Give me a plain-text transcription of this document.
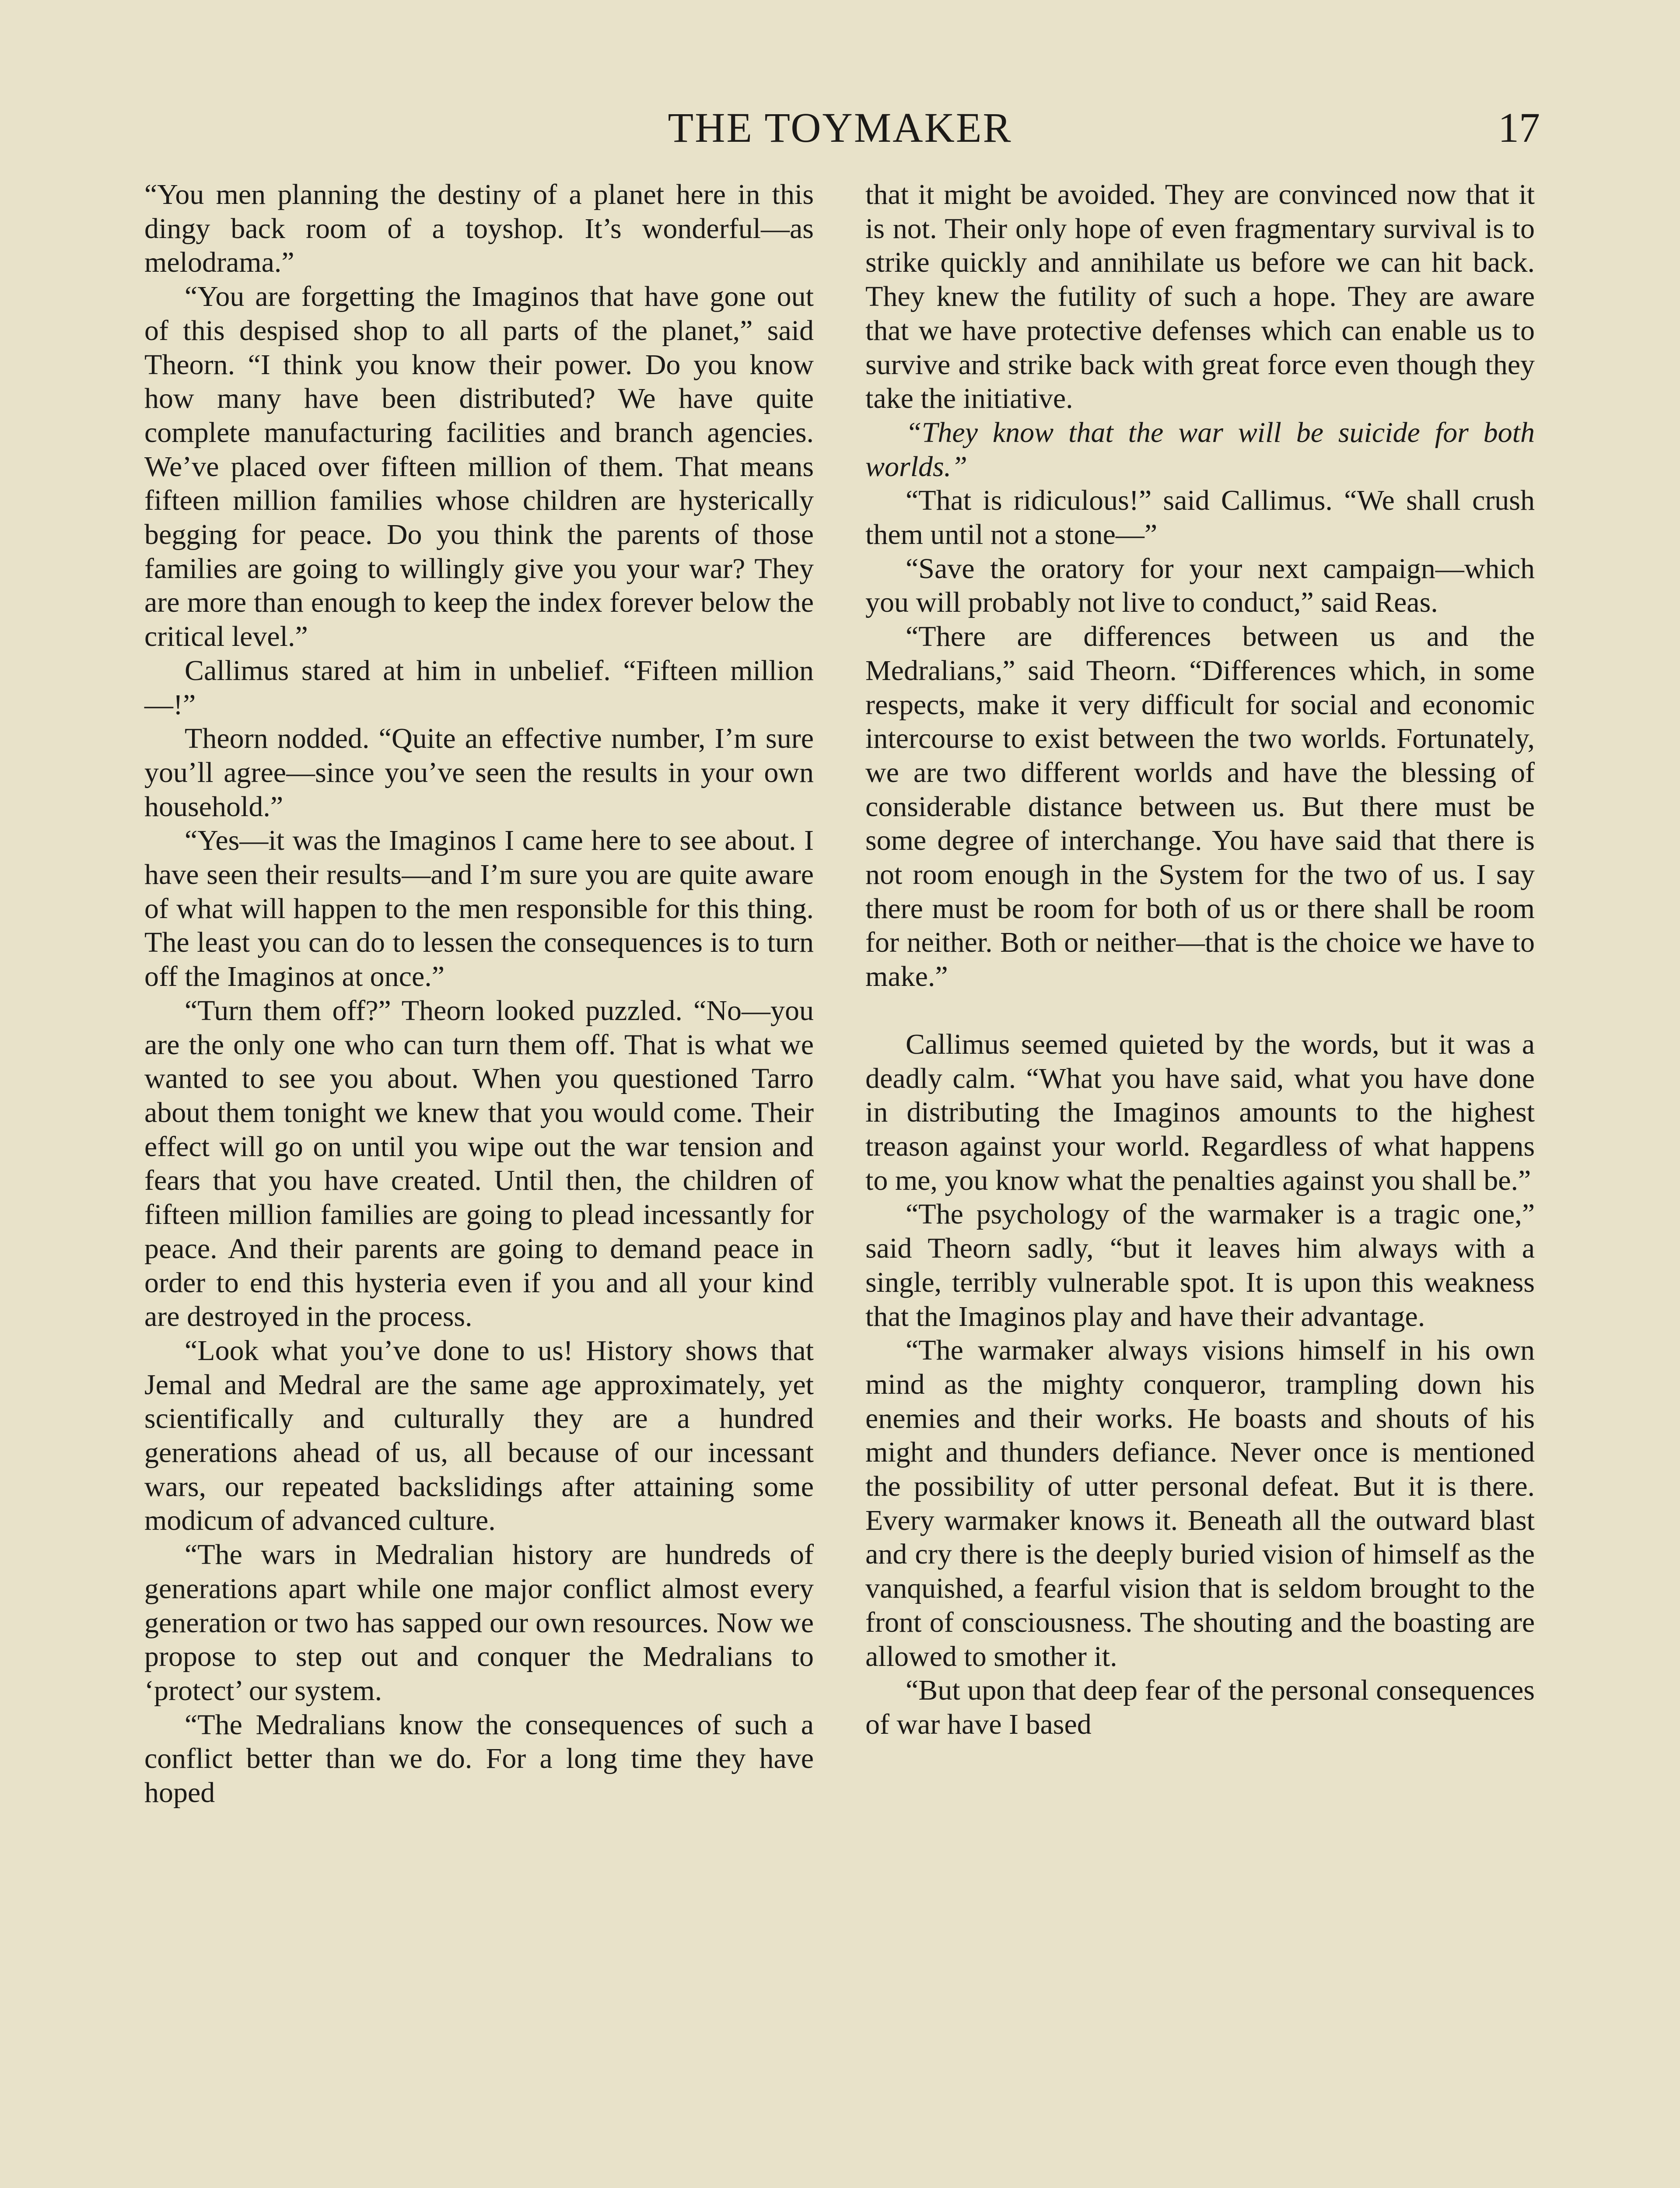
THE TOYMAKER	17

“You men planning the destiny of a planet here in this dingy back room of a toyshop. It’s wonderful—as melodrama.”

“You are forgetting the Imaginos that have gone out of this despised shop to all parts of the planet,” said Theorn. “I think you know their power. Do you know how many have been distributed? We have quite complete manufacturing facilities and branch agencies. We’ve placed over fifteen million of them. That means fifteen million families whose children are hysterically begging for peace. Do you think the parents of those families are going to willingly give you your war? They are more than enough to keep the index forever below the critical level.”

Callimus stared at him in unbelief. “Fifteen million—!”

Theorn nodded. “Quite an effective number, I’m sure you’ll agree—since you’ve seen the results in your own household.”

“Yes—it was the Imaginos I came here to see about. I have seen their results—and I’m sure you are quite aware of what will happen to the men responsible for this thing. The least you can do to lessen the consequences is to turn off the Imaginos at once.”

“Turn them off?” Theorn looked puzzled. “No—you are the only one who can turn them off. That is what we wanted to see you about. When you questioned Tarro about them tonight we knew that you would come. Their effect will go on until you wipe out the war tension and fears that you have created. Until then, the children of fifteen million families are going to plead incessantly for peace. And their parents are going to demand peace in order to end this hysteria even if you and all your kind are destroyed in the process.

“Look what you’ve done to us! History shows that Jemal and Medral are the same age approximately, yet scientifically and culturally they are a hundred generations ahead of us, all because of our incessant wars, our repeated backslidings after attaining some modicum of advanced culture.

“The wars in Medralian history are hundreds of generations apart while one major conflict almost every generation or two has sapped our own resources. Now we propose to step out and conquer the Medralians to ‘protect’ our system.

“The Medralians know the consequences of such a conflict better than we do. For a long time they have hoped

that it might be avoided. They are convinced now that it is not. Their only hope of even fragmentary survival is to strike quickly and annihilate us before we can hit back. They knew the futility of such a hope. They are aware that we have protective defenses which can enable us to survive and strike back with great force even though they take the initiative.

“They know that the war will be suicide for both worlds.”

“That is ridiculous!” said Callimus. “We shall crush them until not a stone—”

“Save the oratory for your next campaign—which you will probably not live to conduct,” said Reas.

“There are differences between us and the Medralians,” said Theorn. “Differences which, in some respects, make it very difficult for social and economic intercourse to exist between the two worlds. Fortunately, we are two different worlds and have the blessing of considerable distance between us. But there must be some degree of interchange. You have said that there is not room enough in the System for the two of us. I say there must be room for both of us or there shall be room for neither. Both or neither—that is the choice we have to make.”

Callimus seemed quieted by the words, but it was a deadly calm. “What you have said, what you have done in distributing the Imaginos amounts to the highest treason against your world. Regardless of what happens to me, you know what the penalties against you shall be.”

“The psychology of the warmaker is a tragic one,” said Theorn sadly, “but it leaves him always with a single, terribly vulnerable spot. It is upon this weakness that the Imaginos play and have their advantage.

“The warmaker always visions himself in his own mind as the mighty conqueror, trampling down his enemies and their works. He boasts and shouts of his might and thunders defiance. Never once is mentioned the possibility of utter personal defeat. But it is there. Every warmaker knows it. Beneath all the outward blast and cry there is the deeply buried vision of himself as the vanquished, a fearful vision that is seldom brought to the front of consciousness. The shouting and the boasting are allowed to smother it.

“But upon that deep fear of the personal consequences of war have I based
